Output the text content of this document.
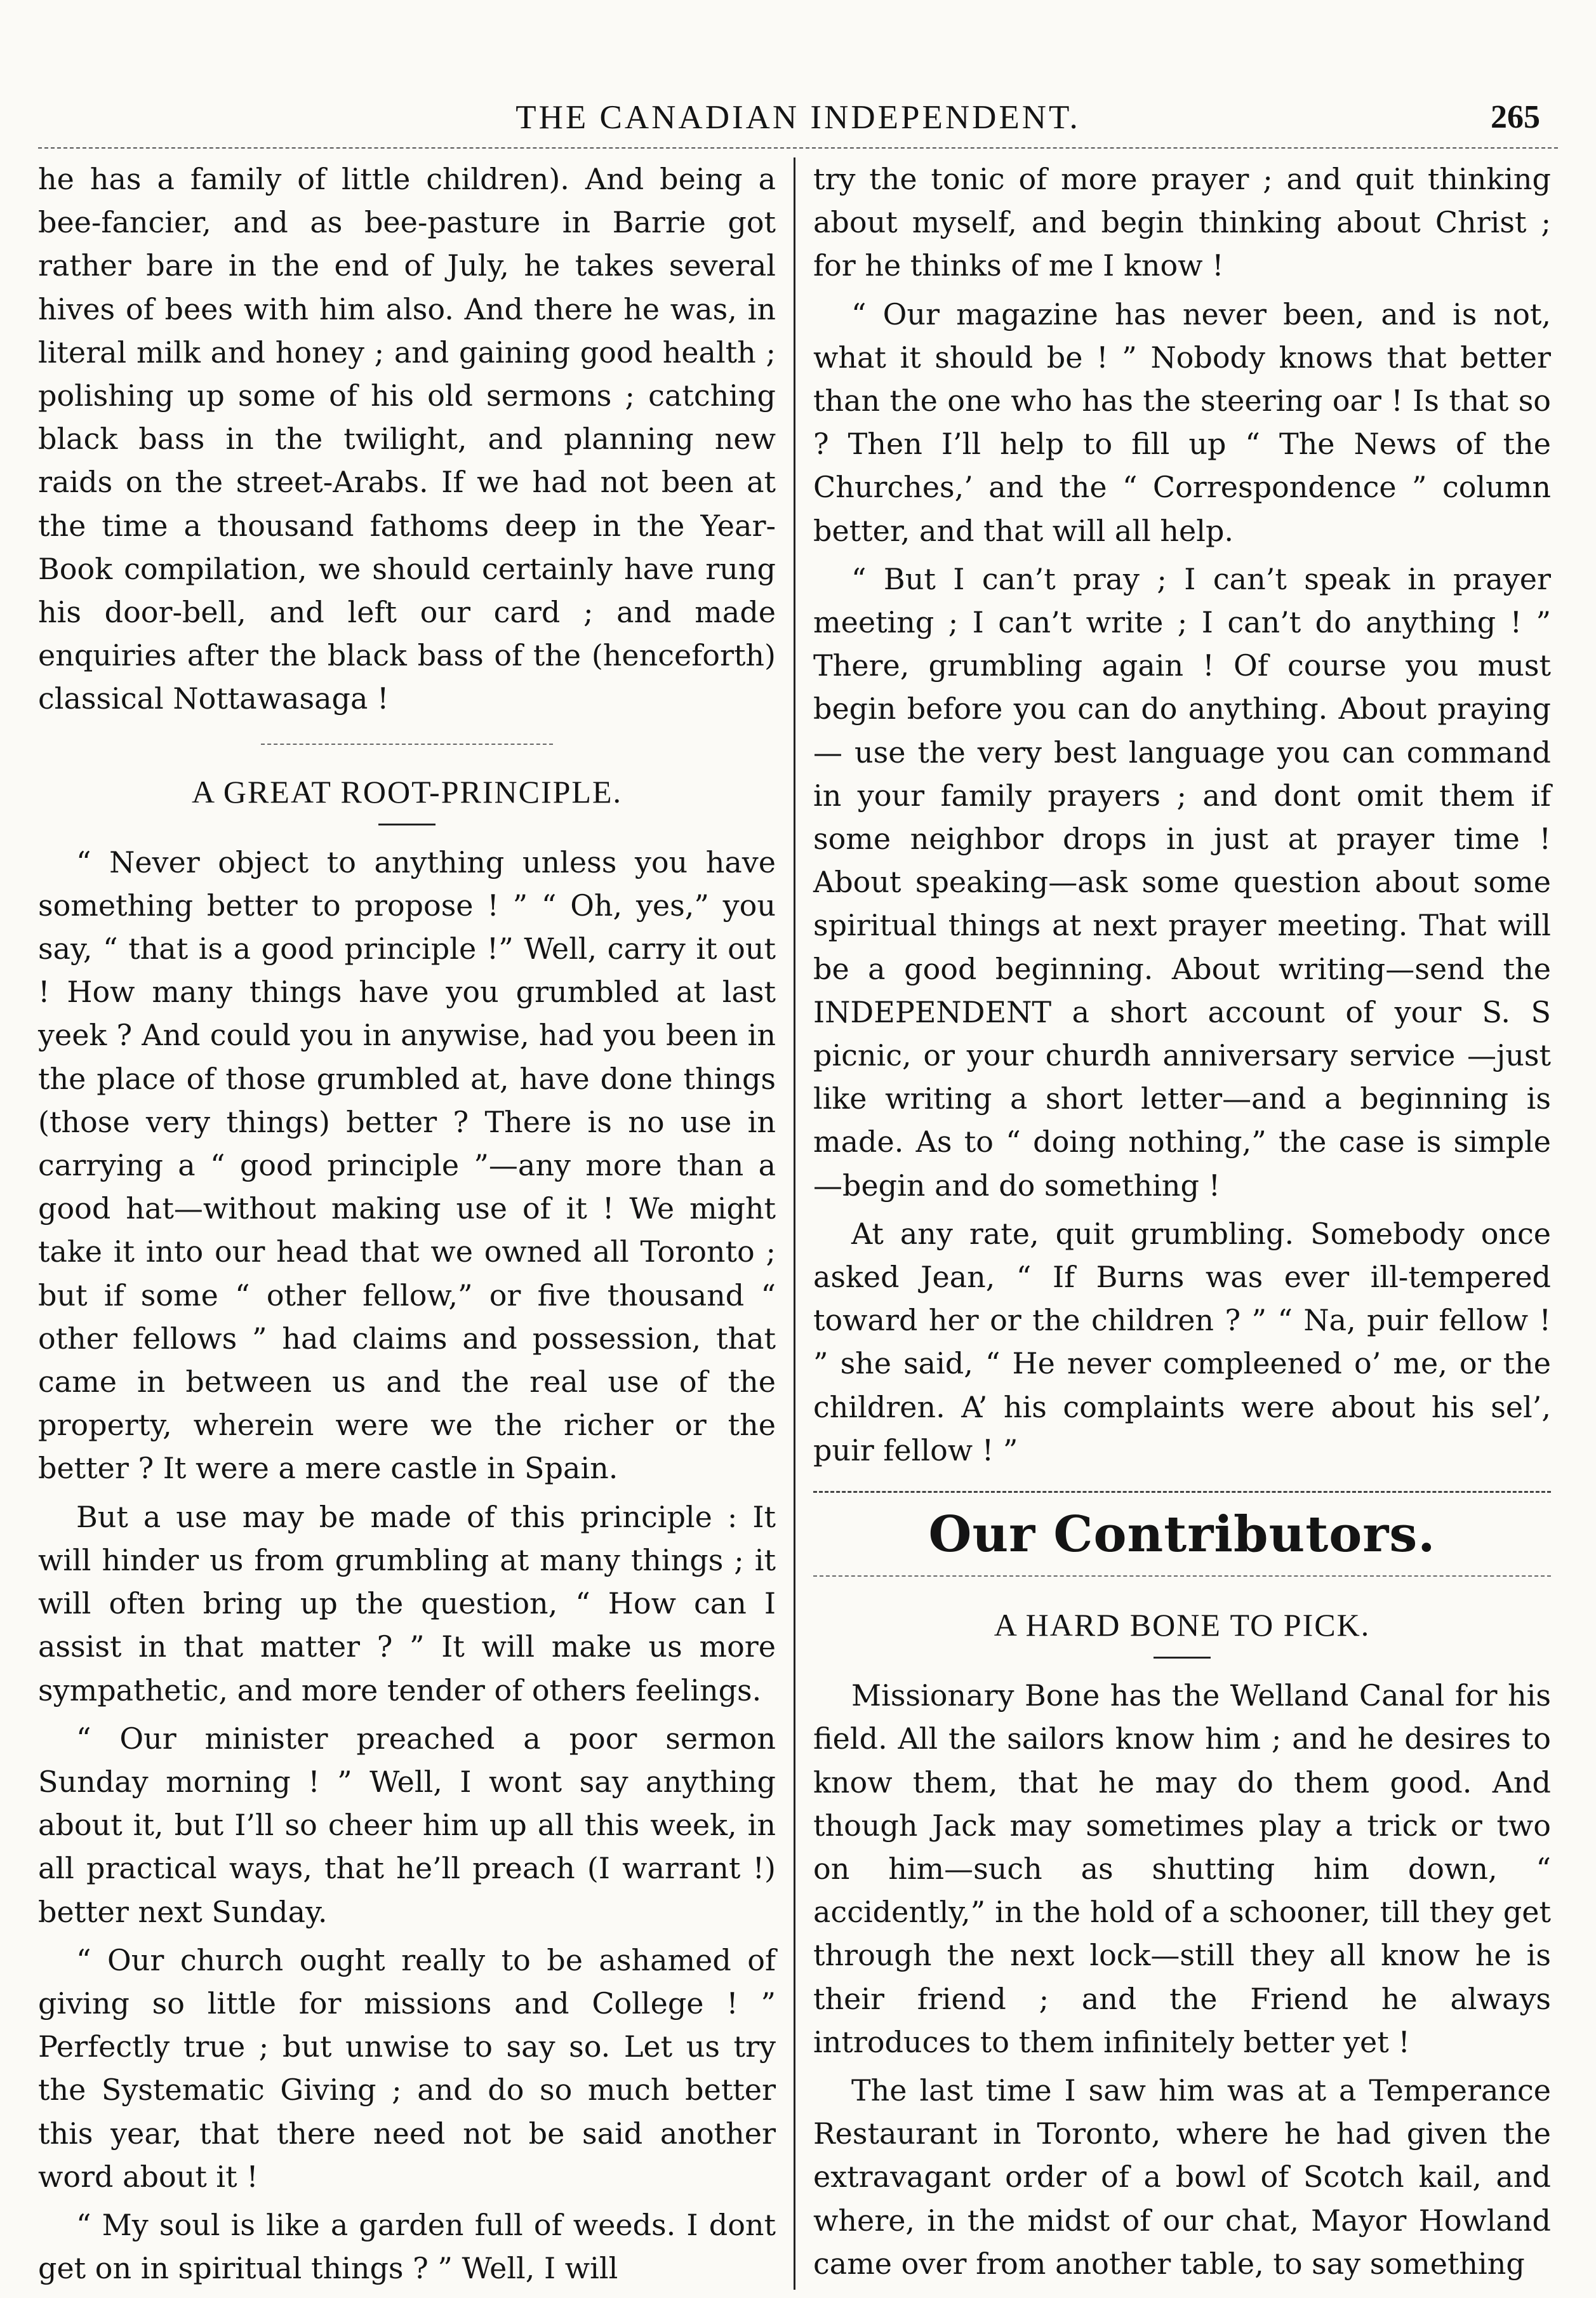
THE CANADIAN INDEPENDENT.	265

he has a family of little children). And being a bee-fancier, and as bee-pasture in Barrie got rather bare in the end of July, he takes several hives of bees with him also. And there he was, in literal milk and honey ; and gaining good health ; polishing up some of his old sermons ; catching black bass in the twilight, and planning new raids on the street-Arabs. If we had not been at the time a thousand fathoms deep in the Year-Book compilation, we should certainly have rung his door-bell, and left our card ; and made enquiries after the black bass of the (henceforth) classical Nottawasaga !

A GREAT ROOT-PRINCIPLE.

“ Never object to anything unless you have something better to propose ! ” “ Oh, yes,” you say, “ that is a good principle !” Well, carry it out ! How many things have you grumbled at last yeek ? And could you in anywise, had you been in the place of those grumbled at, have done things (those very things) better ? There is no use in carrying a “ good principle ”—any more than a good hat—without making use of it ! We might take it into our head that we owned all Toronto ; but if some “ other fellow,” or five thousand “ other fellows ” had claims and possession, that came in between us and the real use of the property, wherein were we the richer or the better ? It were a mere castle in Spain.

But a use may be made of this principle : It will hinder us from grumbling at many things ; it will often bring up the question, “ How can I assist in that matter ? ” It will make us more sympathetic, and more tender of others feelings.

“ Our minister preached a poor sermon Sunday morning ! ” Well, I wont say anything about it, but I’ll so cheer him up all this week, in all practical ways, that he’ll preach (I warrant !) better next Sunday.

“ Our church ought really to be ashamed of giving so little for missions and College ! ” Perfectly true ; but unwise to say so. Let us try the Systematic Giving ; and do so much better this year, that there need not be said another word about it !

“ My soul is like a garden full of weeds. I dont get on in spiritual things ? ” Well, I will

try the tonic of more prayer ; and quit thinking about myself, and begin thinking about Christ ; for he thinks of me I know !

“ Our magazine has never been, and is not, what it should be ! ” Nobody knows that better than the one who has the steering oar ! Is that so ? Then I’ll help to fill up “ The News of the Churches,’ and the “ Correspondence ” column better, and that will all help.

“ But I can’t pray ; I can’t speak in prayer meeting ; I can’t write ; I can’t do anything ! ” There, grumbling again ! Of course you must begin before you can do anything. About praying— use the very best language you can command in your family prayers ; and dont omit them if some neighbor drops in just at prayer time ! About speaking—ask some question about some spiritual things at next prayer meeting. That will be a good beginning. About writing—send the INDEPENDENT a short account of your S. S picnic, or your churdh anniversary service —just like writing a short letter—and a beginning is made. As to “ doing nothing,” the case is simple —begin and do something !

At any rate, quit grumbling. Somebody once asked Jean, “ If Burns was ever ill-tempered toward her or the children ? ” “ Na, puir fellow ! ” she said, “ He never compleened o’ me, or the children. A’ his complaints were about his sel’, puir fellow ! ”

Our Contributors.
A HARD BONE TO PICK.

Missionary Bone has the Welland Canal for his field. All the sailors know him ; and he desires to know them, that he may do them good. And though Jack may sometimes play a trick or two on him—such as shutting him down, “ accidently,” in the hold of a schooner, till they get through the next lock—still they all know he is their friend ; and the Friend he always introduces to them infinitely better yet !

The last time I saw him was at a Temperance Restaurant in Toronto, where he had given the extravagant order of a bowl of Scotch kail, and where, in the midst of our chat, Mayor Howland came over from another table, to say something
